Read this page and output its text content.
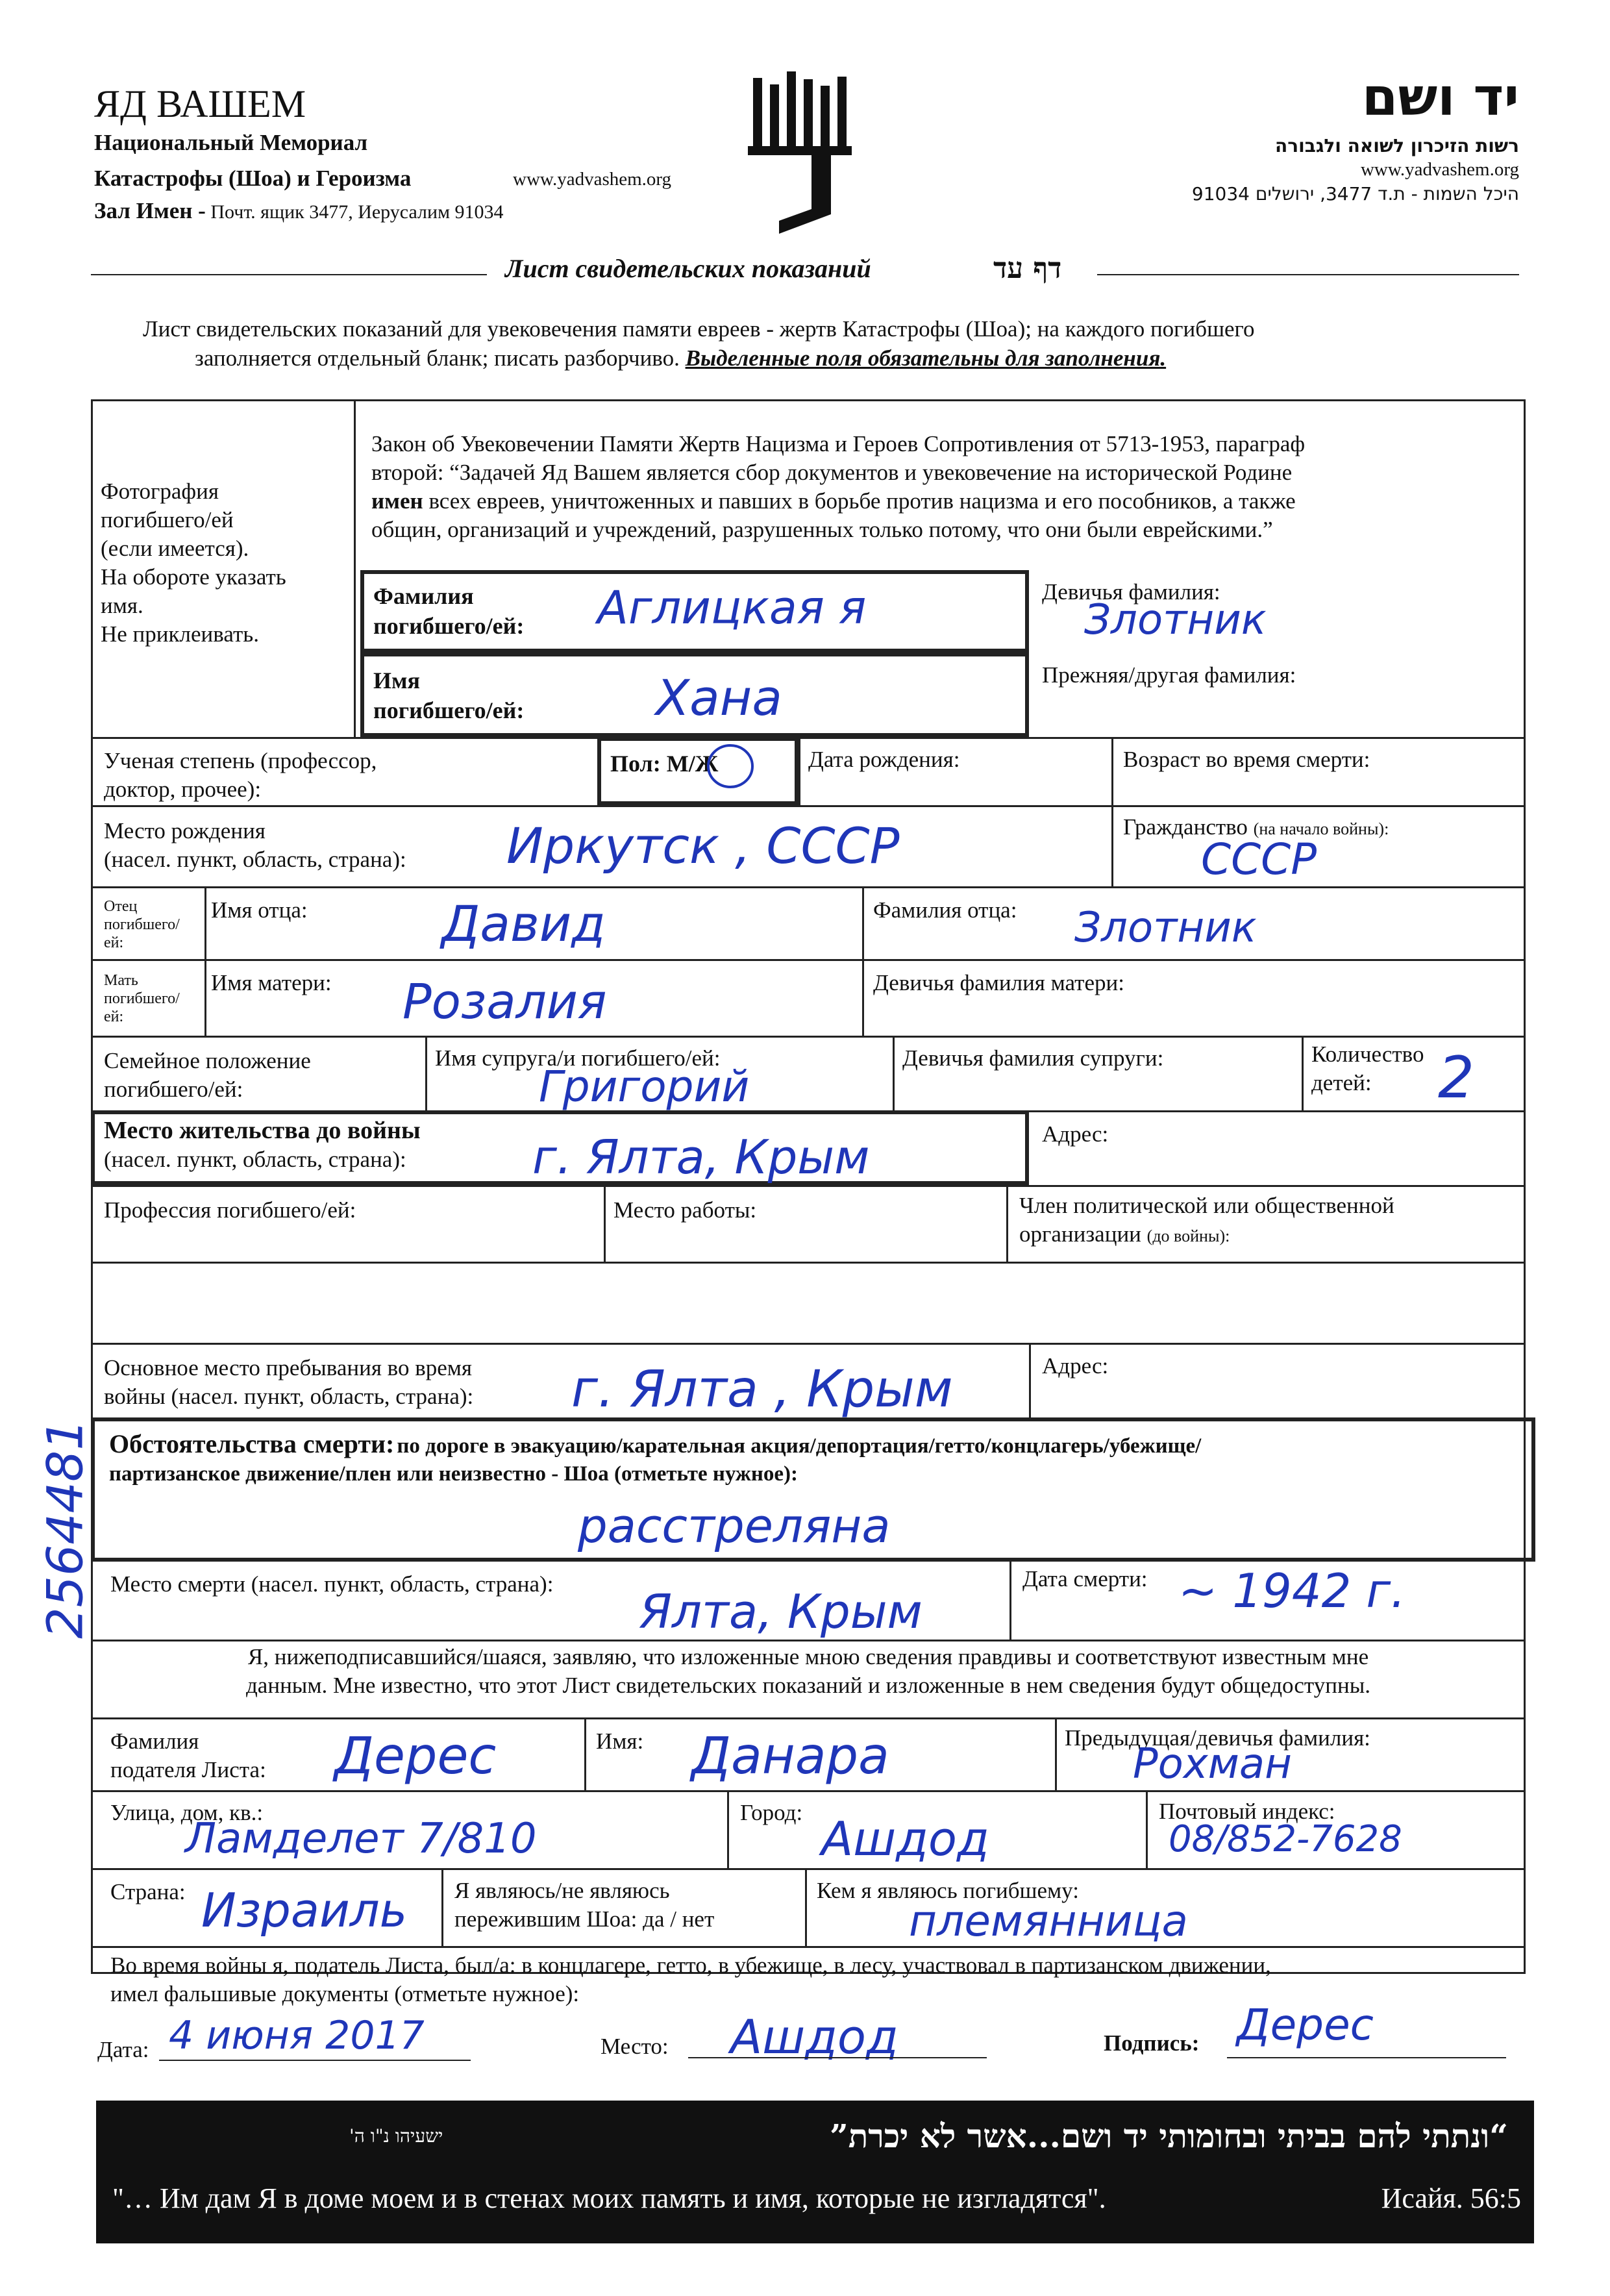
ЯД ВАШЕМ
Национальный Мемориал
Катастрофы (Шоа) и Героизма	www.yadvashem.org
Зал Имен - Почт. ящик 3477, Иерусалим 91034
יד ושם
רשות הזיכרון לשואה ולגבורה
www.yadvashem.org
היכל השמות - ת.ד 3477, ירושלים 91034
Лист свидетельских показаний	דף עד
Лист свидетельских показаний для увековечения памяти евреев - жертв Катастрофы (Шоа); на каждого погибшего
заполняется отдельный бланк; писать разборчиво. Выделенные поля обязательны для заполнения.
Фотография
погибшего/ей
(если имеется).
На обороте указать
имя.
Не приклеивать.
Закон об Увековечении Памяти Жертв Нацизма и Героев Сопротивления от 5713-1953, параграф
второй: “Задачей Яд Вашем является сбор документов и увековечение на исторической Родине
имен всех евреев, уничтоженных и павших в борьбе против нацизма и его пособников, а также
общин, организаций и учреждений, разрушенных только потому, что они были еврейскими.”
Фамилия
погибшего/ей: Аглицкая я	Девичья фамилия:
Злотник
Имя
погибшего/ей:	Хана	Прежняя/другая фамилия:
Ученая степень (профессор,
доктор, прочее):
Пол: М/Ж	Дата рождения:	Возраст во время смерти:
Место рождения
(насел. пункт, область, страна): Иркутск , СССР	Гражданство (на начало войны):
СССР
Отец
погибшего/
ей:
Имя отца:	Давид	Фамилия отца: Злотник
Мать
погибшего/
ей:
Имя матери: Розалия	Девичья фамилия матери:
Семейное положение
погибшего/ей:
Имя супруга/и погибшего/ей:
Григорий
Девичья фамилия супруги:	Количество
детей:	2
Место жительства до войны
(насел. пункт, область, страна):	г. Ялта, Крым	Адрес:
Профессия погибшего/ей:	Место работы:	Член политической или общественной
организации (до войны):
Основное место пребывания во время
войны (насел. пункт, область, страна): г. Ялта , Крым	Адрес:
Обстоятельства смерти: по дороге в эвакуацию/карательная акция/депортация/гетто/концлагерь/убежище/
партизанское движение/плен или неизвестно - Шоа (отметьте нужное):
расстреляна
Место смерти (насел. пункт, область, страна):
Ялта, Крым
Дата смерти: ~ 1942 г.
Я, нижеподписавшийся/шаяся, заявляю, что изложенные мною сведения правдивы и соответствуют известным мне
данным. Мне известно, что этот Лист свидетельских показаний и изложенные в нем сведения будут общедоступны.
Фамилия
подателя Листа: Дерес	Имя: Данара	Предыдущая/девичья фамилия:
Рохман
Улица, дом, кв.:
Ламделет 7/810
Город: Ашдод
Почтовый индекс:
08/852-7628
Страна: Израиль Я являюсь/не являюсь
пережившим Шоа: да / нет
Кем я являюсь погибшему:
племянница
Во время войны я, податель Листа, был/а: в концлагере, гетто, в убежище, в лесу, участвовал в партизанском движении,
имел фальшивые документы (отметьте нужное):
Дата: 4 июня 2017	Место: Ашдод	Подпись: Дерес
2564481
“ונתתי להם בביתי ובחומותי יד ושם...אשר לא יכרת”
ישעיהו נ"ו ה'
"… Им дам Я в доме моем и в стенах моих память и имя, которые не изгладятся".	Исайя. 56:5
